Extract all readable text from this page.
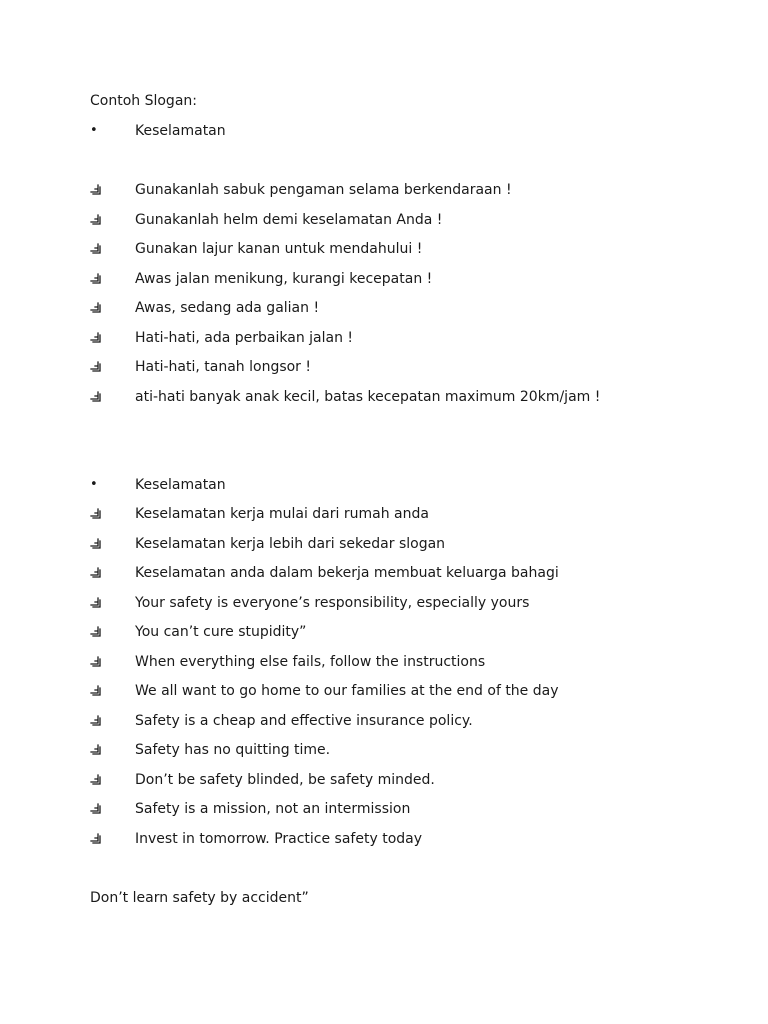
Contoh Slogan:
•	Keselamatan
Gunakanlah sabuk pengaman selama berkendaraan !
Gunakanlah helm demi keselamatan Anda !
Gunakan lajur kanan untuk mendahului !
Awas jalan menikung, kurangi kecepatan !
Awas, sedang ada galian !
Hati-hati, ada perbaikan jalan !
Hati-hati, tanah longsor !
ati-hati banyak anak kecil, batas kecepatan maximum 20km/jam !
•	Keselamatan
Keselamatan kerja mulai dari rumah anda
Keselamatan kerja lebih dari sekedar slogan
Keselamatan anda dalam bekerja membuat keluarga bahagi
Your safety is everyone’s responsibility, especially yours
You can’t cure stupidity”
When everything else fails, follow the instructions
We all want to go home to our families at the end of the day
Safety is a cheap and effective insurance policy.
Safety has no quitting time.
Don’t be safety blinded, be safety minded.
Safety is a mission, not an intermission
Invest in tomorrow. Practice safety today
Don’t learn safety by accident”
